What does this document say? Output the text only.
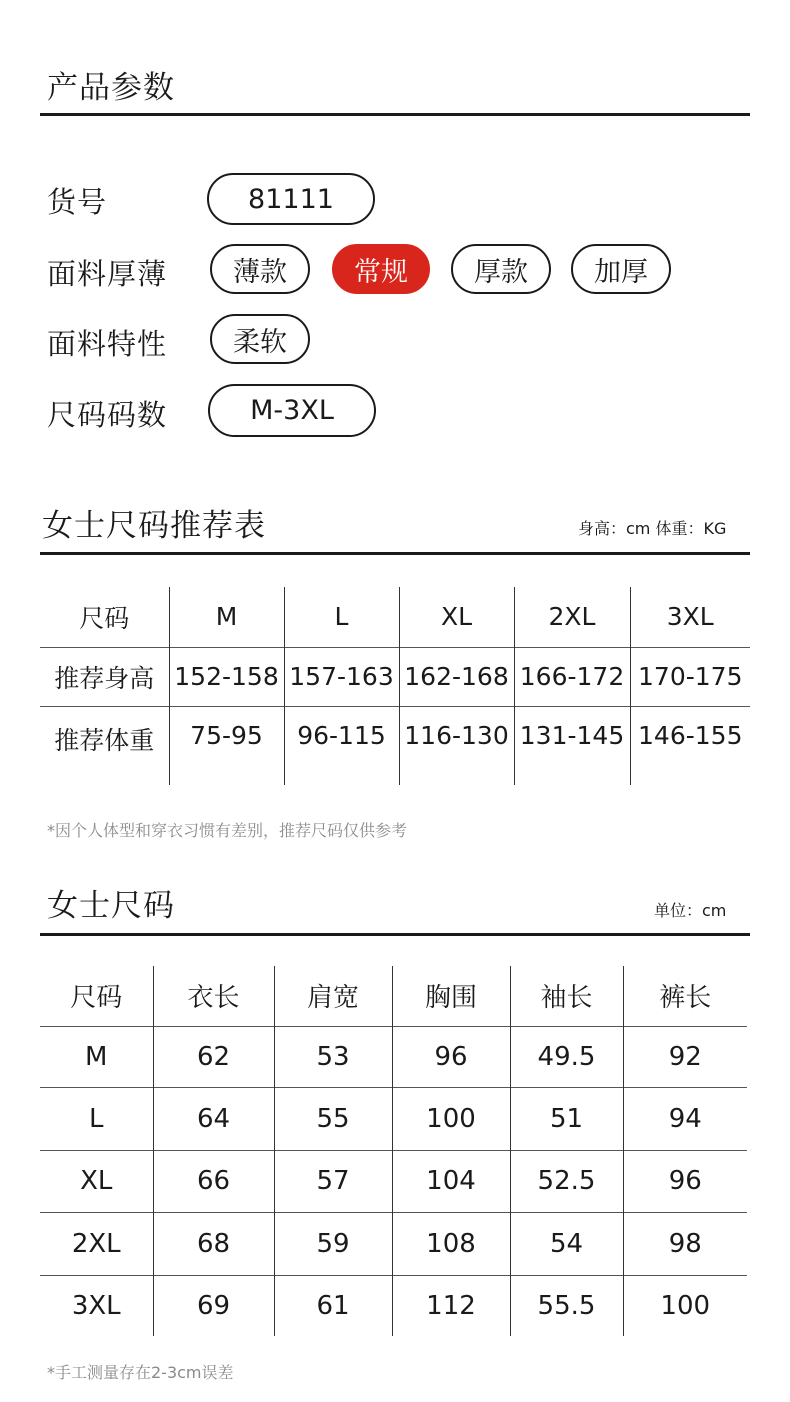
产品参数
货号	81111
面料厚薄	薄款	常规	厚款	加厚
面料特性	柔软
尺码码数	M-3XL
女士尺码推荐表	身高：cm 体重：KG
尺码	M	L	XL	2XL	3XL
推荐身高	152-158	157-163	162-168	166-172	170-175
推荐体重	75-95	96-115	116-130	131-145	146-155
*因个人体型和穿衣习惯有差别，推荐尺码仅供参考
女士尺码	单位：cm
尺码	衣长	肩宽	胸围	袖长	裤长
M	62	53	96	49.5	92
L	64	55	100	51	94
XL	66	57	104	52.5	96
2XL	68	59	108	54	98
3XL	69	61	112	55.5	100
*手工测量存在2-3cm误差
